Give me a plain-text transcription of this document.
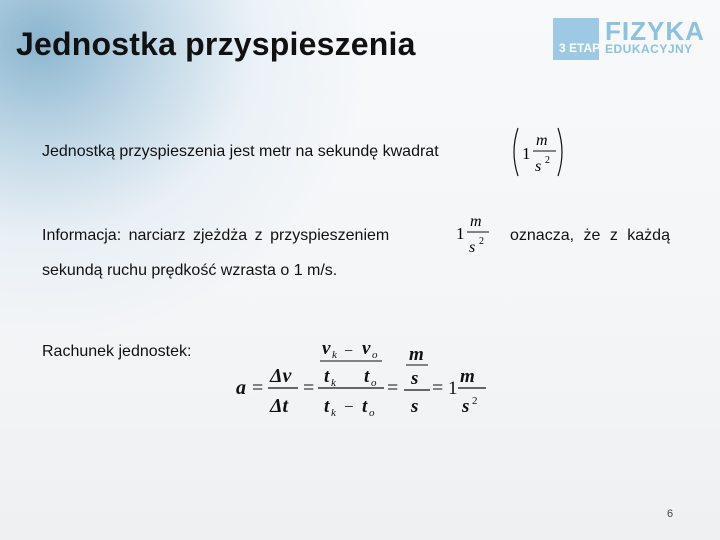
Jednostka przyspieszenia	FIZYKA
3 ETAP EDUKACYJNY
Jednostką przyspieszenia jest metr na sekundę kwadrat	1
m
s 2
Informacja: narciarz zjeżdża z przyspieszeniem	1
m
s 2 oznacza, że z każdą
sekundą ruchu prędkość wzrasta o 1 m/s.
Rachunek jednostek:
a =
Δv
Δt
=
v k − v o
t k t o
t k − t o
=
m
s
s
= 1
m
s 2
6
